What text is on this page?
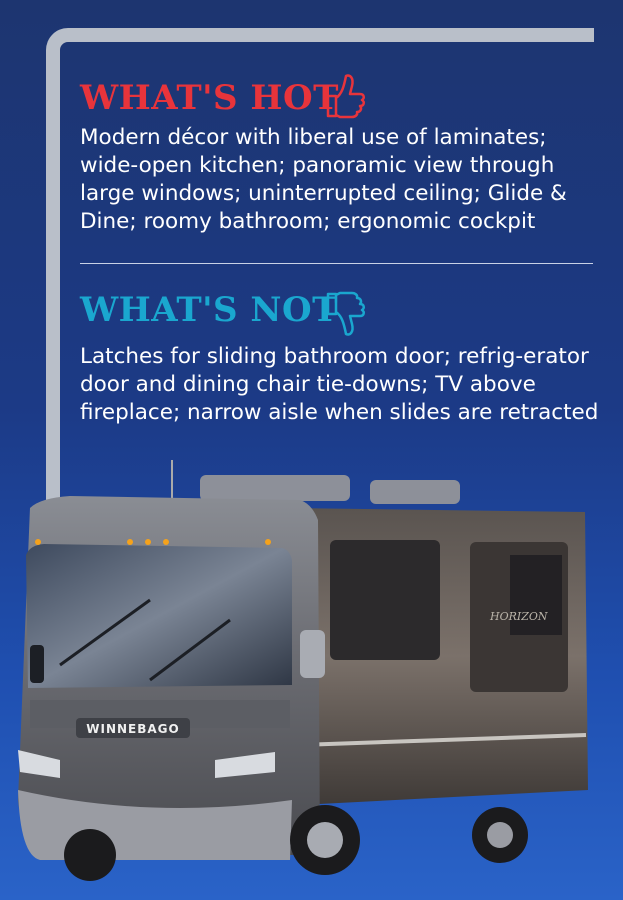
WHAT'S HOT

Modern décor with liberal use of laminates; wide-open kitchen; panoramic view through large windows; uninterrupted ceiling; Glide & Dine; roomy bathroom; ergonomic cockpit

WHAT'S NOT

Latches for sliding bathroom door; refrig-erator door and dining chair tie-downs; TV above fireplace; narrow aisle when slides are retracted

HORIZON
WINNEBAGO
